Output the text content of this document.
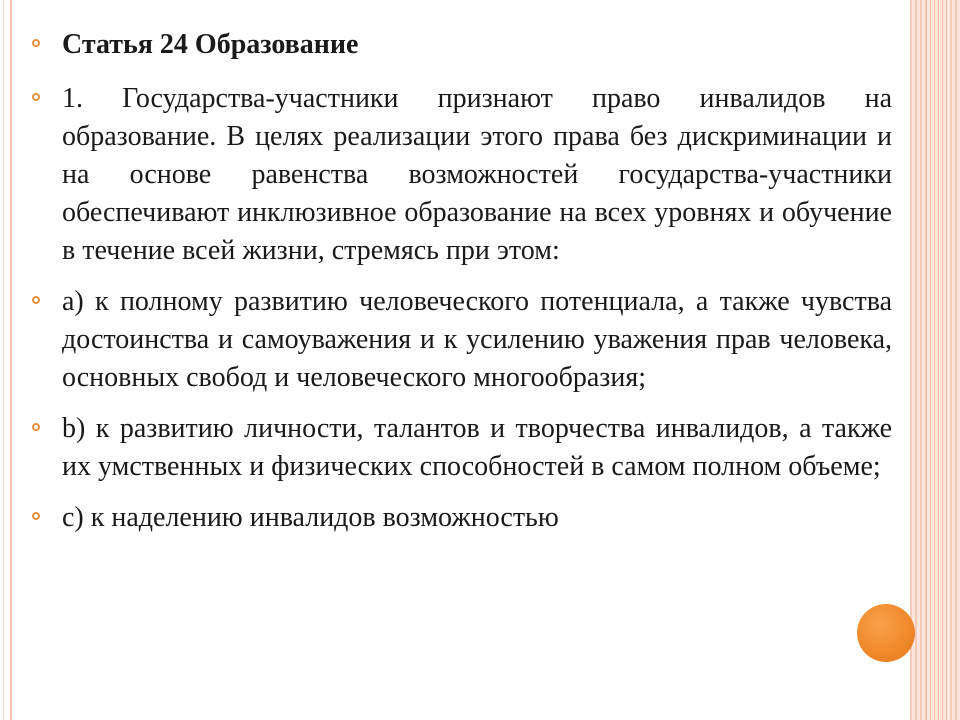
Статья 24 Образование
1. Государства-участники признают право инвалидов на образование. В целях реализации этого права без дискриминации и на основе равенства возможностей государства-участники обеспечивают инклюзивное образование на всех уровнях и обучение в течение всей жизни, стремясь при этом:
a) к полному развитию человеческого потенциала, а также чувства достоинства и самоуважения и к усилению уважения прав человека, основных свобод и человеческого многообразия;
b) к развитию личности, талантов и творчества инвалидов, а также их умственных и физических способностей в самом полном объеме;
c) к наделению инвалидов возможностью
